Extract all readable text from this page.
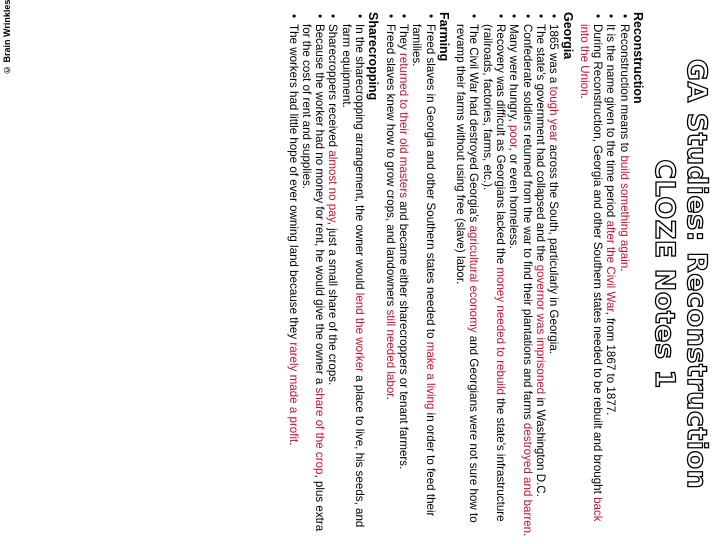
© Brain Wrinkles
GA Studies: Reconstruction
CLOZE Notes 1
Reconstruction
• Reconstruction means to build something again.
• It is the name given to the time period after the Civil War, from 1867 to 1877.
• During Reconstruction, Georgia and other Southern states needed to be rebuilt and brought back into the Union.
Georgia
• 1865 was a tough year across the South, particularly in Georgia.
• The state's government had collapsed and the governor was imprisoned in Washington D.C.
• Confederate soldiers returned from the war to find their plantations and farms destroyed and barren.
• Many were hungry, poor, or even homeless.
• Recovery was difficult as Georgians lacked the money needed to rebuild the state's infrastructure (railroads, factories, farms, etc.).
• The Civil War had destroyed Georgia's agricultural economy and Georgians were not sure how to revamp their farms without using free (slave) labor.
Farming
• Freed slaves in Georgia and other Southern states needed to make a living in order to feed their families.
• They returned to their old masters and became either sharecroppers or tenant farmers.
• Freed slaves knew how to grow crops, and landowners still needed labor.
Sharecropping
• In the sharecropping arrangement, the owner would lend the worker a place to live, his seeds, and farm equipment.
• Sharecroppers received almost no pay, just a small share of the crops.
• Because the worker had no money for rent, he would give the owner a share of the crop, plus extra for the cost of rent and supplies.
• The workers had little hope of ever owning land because they rarely made a profit.
